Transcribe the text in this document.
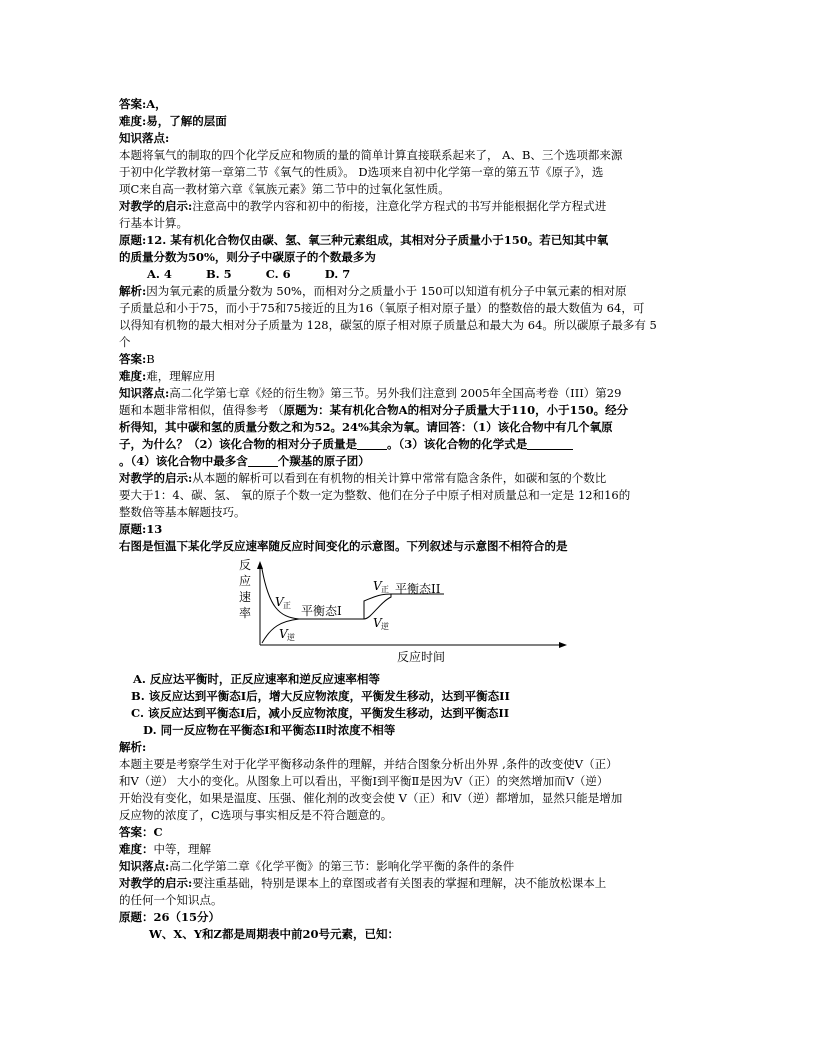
答案:A，
难度:易，了解的层面
知识落点:
本题将氧气的制取的四个化学反应和物质的量的简单计算直接联系起来了， A、B、三个选项都来源
于初中化学教材第一章第二节《氧气的性质》。 D选项来自初中化学第一章的第五节《原子》，选
项C来自高一教材第六章《氧族元素》第二节中的过氧化氢性质。
对教学的启示:注意高中的教学内容和初中的衔接，注意化学方程式的书写并能根据化学方程式进
行基本计算。
原题:12. 某有机化合物仅由碳、氢、氧三种元素组成，其相对分子质量小于150。若已知其中氧
的质量分数为50%，则分子中碳原子的个数最多为
A. 4	B. 5	C. 6	D. 7
解析:因为氧元素的质量分数为 50%，而相对分之质量小于 150可以知道有机分子中氧元素的相对原
子质量总和小于75，而小于75和75接近的且为16（氧原子相对原子量）的整数倍的最大数值为 64，可
以得知有机物的最大相对分子质量为 128，碳氢的原子相对原子质量总和最大为 64。所以碳原子最多有 5
个
答案:B
难度:难，理解应用
知识落点:高二化学第七章《烃的衍生物》第三节。另外我们注意到 2005年全国高考卷（III）第29
题和本题非常相似，值得参考 （原题为：某有机化合物A的相对分子质量大于110，小于150。经分
析得知，其中碳和氢的质量分数之和为52。24%其余为氧。请回答：（1）该化合物中有几个氧原
子，为什么？（2）该化合物的相对分子质量是	。（3）该化合物的化学式是
。（4）该化合物中最多含	个羰基的原子团）
对教学的启示:从本题的解析可以看到在有机物的相关计算中常常有隐含条件，如碳和氢的个数比
要大于1：4、碳、氢、 氧的原子个数一定为整数、他们在分子中原子相对质量总和一定是 12和16的
整数倍等基本解题技巧。
原题:13
右图是恒温下某化学反应速率随反应时间变化的示意图。下列叙述与示意图不相符合的是
反
应
速
率
V 正
V 逆
平衡态I
V 正 平衡态II
V 逆
反应时间
A. 反应达平衡时，正反应速率和逆反应速率相等
B. 该反应达到平衡态I后，增大反应物浓度，平衡发生移动，达到平衡态II
C. 该反应达到平衡态I后，减小反应物浓度，平衡发生移动，达到平衡态II
D. 同一反应物在平衡态I和平衡态II时浓度不相等
解析:
本题主要是考察学生对于化学平衡移动条件的理解，并结合图象分析出外界 ,条件的改变使V（正）
和V（逆） 大小的变化。从图象上可以看出，平衡Ⅰ到平衡Ⅱ是因为V（正）的突然增加而V（逆）
开始没有变化，如果是温度、压强、催化剂的改变会使 V（正）和V（逆）都增加，显然只能是增加
反应物的浓度了，C选项与事实相反是不符合题意的。
答案：C
难度：中等，理解
知识落点:高二化学第二章《化学平衡》的第三节：影响化学平衡的条件的条件
对教学的启示:要注重基础，特别是课本上的章图或者有关图表的掌握和理解，决不能放松课本上
的任何一个知识点。
原题：26（15分）
W、X、Y和Z都是周期表中前20号元素，已知：
